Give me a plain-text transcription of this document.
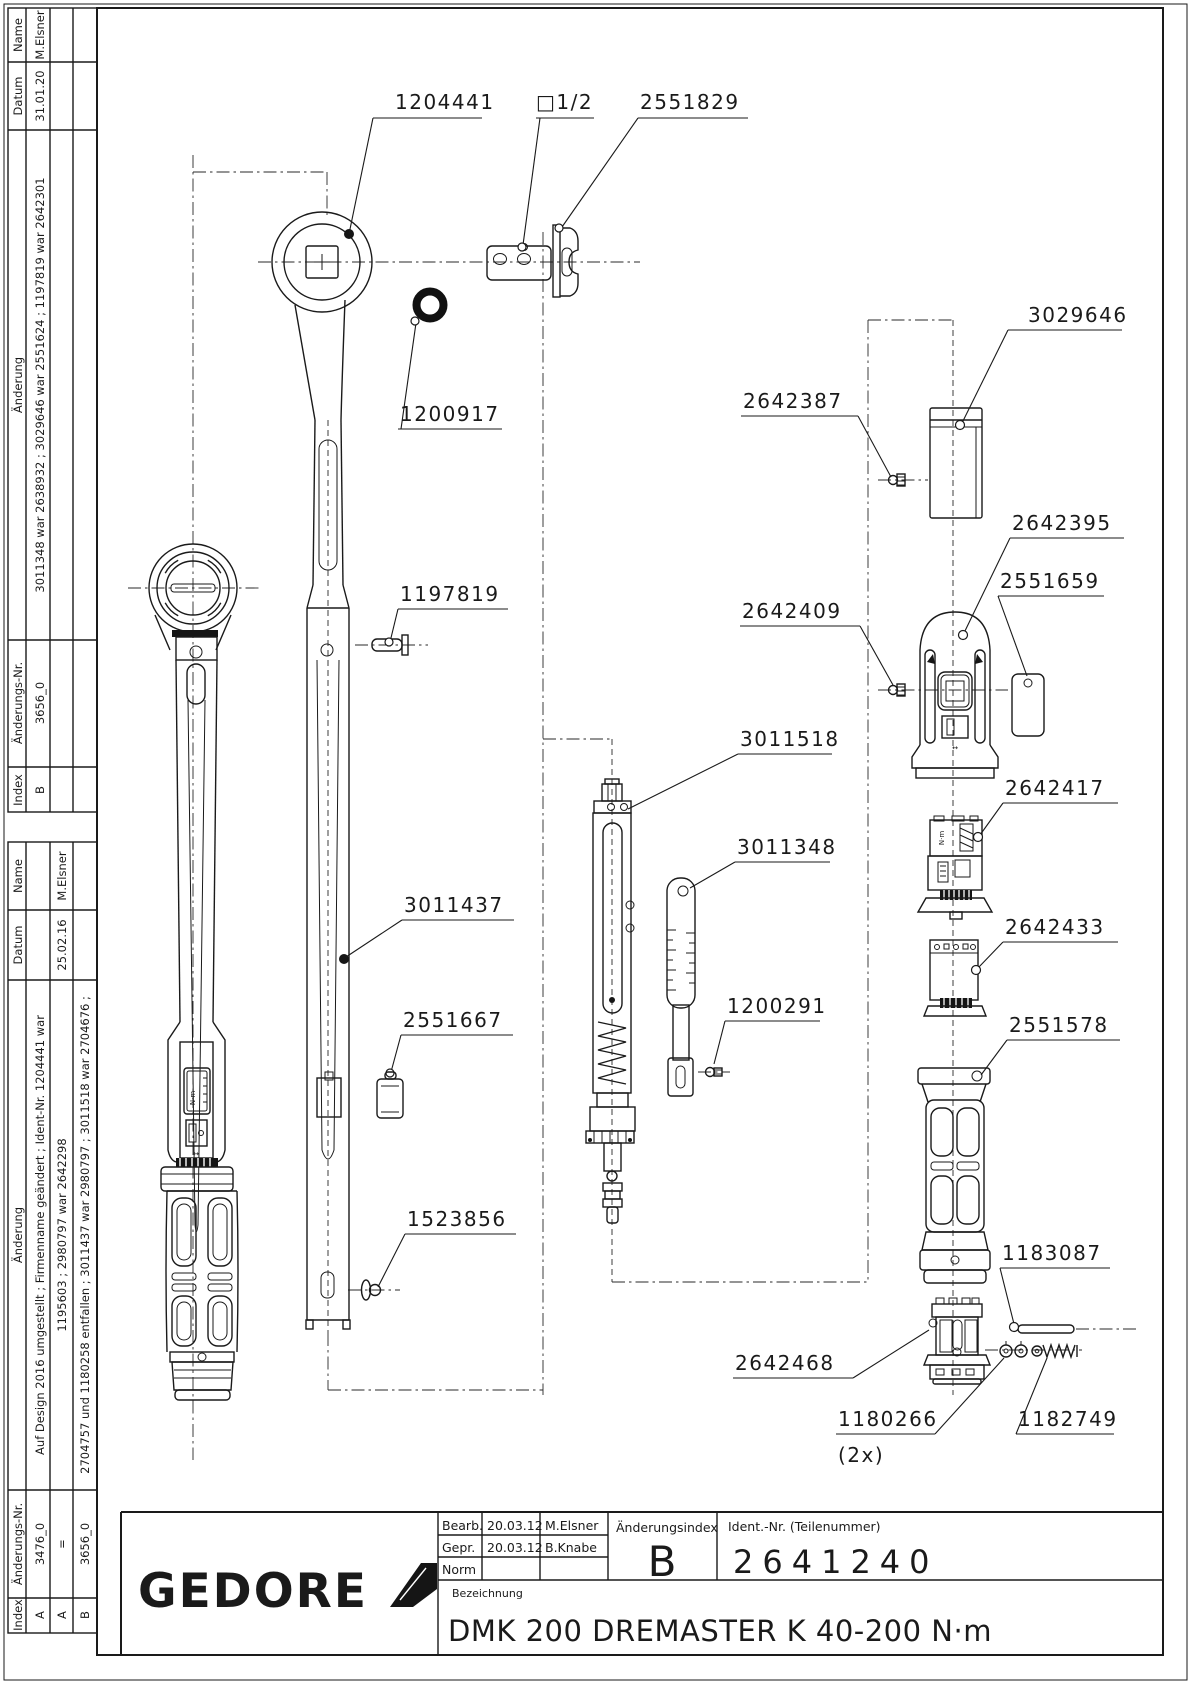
Name
Datum
Änderung
Änderungs-Nr.
Index
M.Elsner
31.01.20
3011348 war 2638932 ; 3029646 war 2551624 ; 1197819 war 2642301
3656_0
B
Name
Datum
Änderung
Änderungs-Nr.
Index
Auf Design 2016 umgestellt ; Firmenname geändert ; Ident-Nr. 1204441 war
3476_0
A
M.Elsner
25.02.16
1195603 ; 2980797 war 2642298
=
A
2704757 und 1180258 entfallen ; 3011437 war 2980797 ; 3011518 war 2704676 ;
3656_0
B
N·m
↔
↔
N·m
1204441 □1/2 2551829
1200917
1197819
3011437
2551667
1523856
3011518
3011348
1200291
2642387
3029646
2642395
2551659
2642409
2642417
2642433
2551578
1183087
2642468
1180266
(2x)
1182749
Bearb. 20.03.12 M.Elsner
Gepr. 20.03.12 B.Knabe
Norm
Änderungsindex
B
Ident.-Nr. (Teilenummer)
2641240
Bezeichnung
DMK 200 DREMASTER K 40-200 N·m
GEDORE
